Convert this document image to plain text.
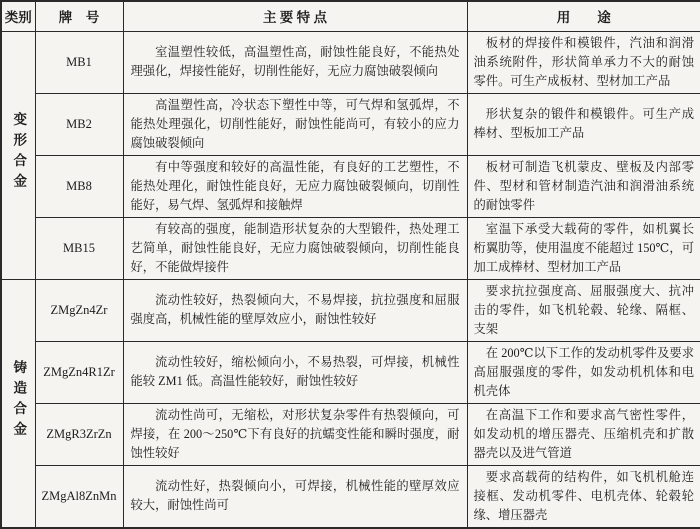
类别	牌　号	主 要 特 点	用　　途
变形合金	MB1	室温塑性较低，高温塑性高，耐蚀性能良好，不能热处理强化，焊接性能好，切削性能好，无应力腐蚀破裂倾向	板材的焊接件和模锻件，汽油和润滑油系统附件，形状简单承力不大的耐蚀零件。可生产成板材、型材加工产品
	MB2	高温塑性高，冷状态下塑性中等，可气焊和氢弧焊，不能热处理强化，切削性能好，耐蚀性能尚可，有较小的应力腐蚀破裂倾向	形状复杂的锻件和模锻件。可生产成棒材、型板加工产品
	MB8	有中等强度和较好的高温性能，有良好的工艺塑性，不能热处理化，耐蚀性能良好，无应力腐蚀破裂倾向，切削性能好，易气焊、氢弧焊和接触焊	板材可制造飞机蒙皮、壁板及内部零件、型材和管材制造汽油和润滑油系统的耐蚀零件
	MB15	有较高的强度，能制造形状复杂的大型锻件，热处理工艺简单，耐蚀性能良好，无应力腐蚀破裂倾向，切削性能良好，不能做焊接件	室温下承受大载荷的零件，如机翼长桁翼肋等，使用温度不能超过 150℃，可加工成棒材、型材加工产品
铸造合金	ZMgZn4Zr	流动性较好，热裂倾向大，不易焊接，抗拉强度和屈服强度高，机械性能的壁厚效应小，耐蚀性较好	要求抗拉强度高、屈服强度大、抗冲击的零件，如飞机轮毂、轮缘、隔框、支架
	ZMgZn4R1Zr	流动性较好，缩松倾向小，不易热裂，可焊接，机械性能较 ZM1 低。高温性能较好，耐蚀性较好	在 200℃以下工作的发动机零件及要求高屈服强度的零件，如发动机机体和电机壳体
	ZMgR3ZrZn	流动性尚可，无缩松，对形状复杂零件有热裂倾向，可焊接，在 200～250℃下有良好的抗蠕变性能和瞬时强度，耐蚀性较好	在高温下工作和要求高气密性零件，如发动机的增压器壳、压缩机壳和扩散器壳以及进气管道
	ZMgAl8ZnMn	流动性好，热裂倾向小，可焊接，机械性能的壁厚效应较大，耐蚀性尚可	要求高载荷的结构件，如飞机机舱连接框、发动机零件、电机壳体、轮毂轮缘、增压器壳
